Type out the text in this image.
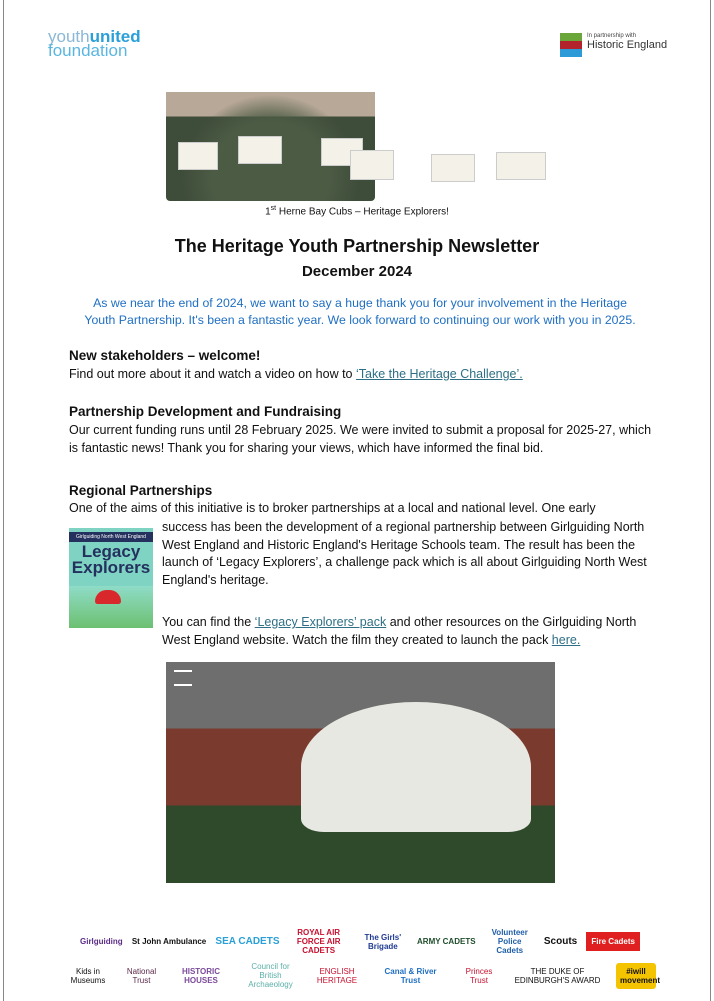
youthunited
foundation
In partnership with
Historic England
1st Herne Bay Cubs – Heritage Explorers!
The Heritage Youth Partnership Newsletter
December 2024
As we near the end of 2024, we want to say a huge thank you for your involvement in the Heritage Youth Partnership. It's been a fantastic year. We look forward to continuing our work with you in 2025.
New stakeholders – welcome!
Find out more about it and watch a video on how to ‘Take the Heritage Challenge’.
Partnership Development and Fundraising
Our current funding runs until 28 February 2025. We were invited to submit a proposal for 2025-27, which is fantastic news! Thank you for sharing your views, which have informed the final bid.
Regional Partnerships
One of the aims of this initiative is to broker partnerships at a local and national level. One early
Girlguiding North West England
Legacy
Explorers
success has been the development of a regional partnership between Girlguiding North West England and Historic England's Heritage Schools team. The result has been the launch of ‘Legacy Explorers’, a challenge pack which is all about Girlguiding North West England's heritage.
You can find the ‘Legacy Explorers’ pack and other resources on the Girlguiding North West England website. Watch the film they created to launch the pack here.
Girlguiding St John Ambulance SEA CADETS
ROYAL AIR FORCE AIR CADETS
The Girls' Brigade	ARMY CADETS
Volunteer Police Cadets
Scouts	Fire Cadets
Kids in Museums
National Trust
HISTORIC HOUSES
Council for British Archaeology
ENGLISH HERITAGE
Canal & River Trust
Princes Trust
THE DUKE OF EDINBURGH'S AWARD
#iwill movement
